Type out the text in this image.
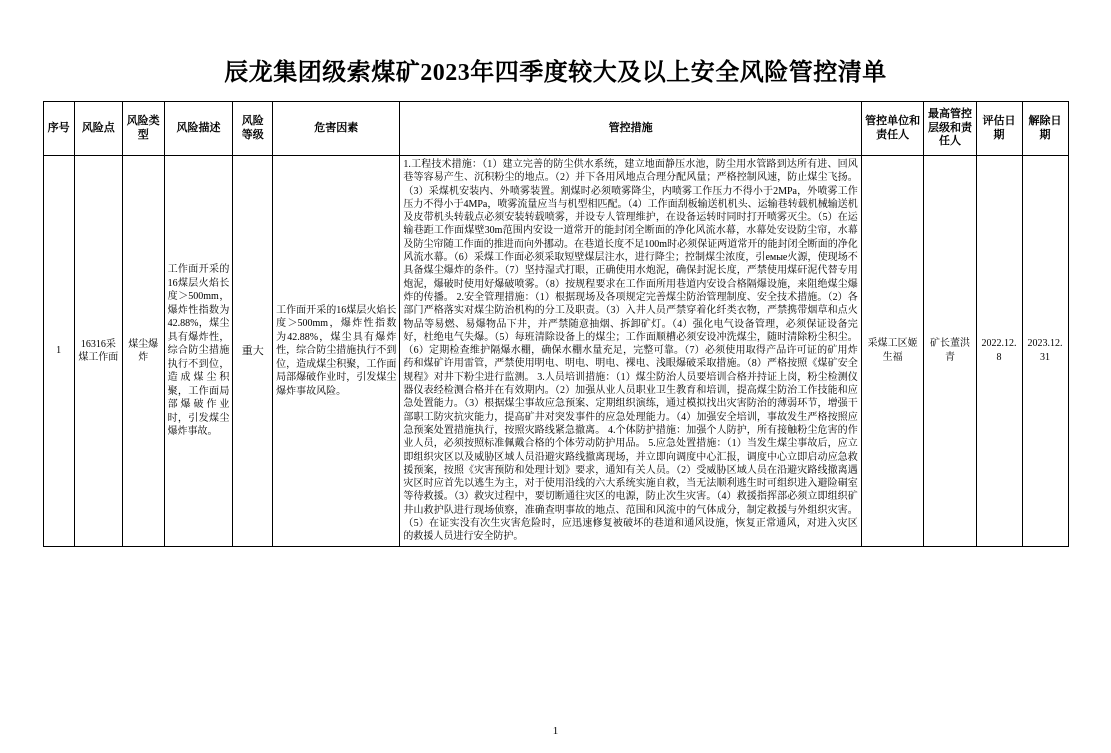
辰龙集团级索煤矿2023年四季度较大及以上安全风险管控清单
序号	风险点	风险类型	风险描述	风险等级	危害因素	管控措施	管控单位和责任人	最高管控层级和责任人	评估日期	解除日期
1	16316采煤工作面	煤尘爆炸	工作面开采的16煤层火焰长度＞500mm，爆炸性指数为42.88%，煤尘具有爆炸性，综合防尘措施执行不到位，造成煤尘积聚，工作面局部爆破作业时，引发煤尘爆炸事故。	重大	工作面开采的16煤层火焰长度＞500mm，爆炸性指数为42.88%，煤尘具有爆炸性，综合防尘措施执行不到位，造成煤尘积聚，工作面局部爆破作业时，引发煤尘爆炸事故风险。	1.工程技术措施：（1）建立完善的防尘供水系统，建立地面静压水池，防尘用水管路到达所有进、回风巷等容易产生、沉积粉尘的地点。（2）并下各用风地点合理分配风量；严格控制风速，防止煤尘飞扬。（3）采煤机安装内、外喷雾装置。割煤时必须喷雾降尘，内喷雾工作压力不得小于2MPa，外喷雾工作压力不得小于4MPa，喷雾流量应当与机型相匹配。（4）工作面刮板输送机机头、运输巷转载机械输送机及皮带机头转载点必须安装转载喷雾，并设专人管理维护，在设备运转时同时打开喷雾灭尘。（5）在运输巷距工作面煤壁30m范围内安设一道常开的能封闭全断面的净化风流水幕，水幕处安设防尘帘，水幕及防尘帘随工作面的推进而向外挪动。在巷道长度不足100m时必须保证两道常开的能封闭全断面的净化风流水幕。（6）采煤工作面必须采取短壁煤层注水，进行降尘；控制煤尘浓度，引емые火源，使现场不具备煤尘爆炸的条件。（7）坚持湿式打眼，正确使用水炮泥，确保封泥长度，严禁使用煤矸泥代替专用炮泥，爆破时使用好爆破喷雾。（8）按规程要求在工作面所用巷道内安设合格隔爆设施，来阻绝煤尘爆炸的传播。 2.安全管理措施：（1）根据现场及各项规定完善煤尘防治管理制度、安全技术措施。（2）各部门严格落实对煤尘防治机构的分工及职责。（3）入井人员严禁穿着化纤类衣物，严禁携带烟草和点火物品等易燃、易爆物品下井，并严禁随意抽烟、拆卸矿灯。（4）强化电气设备管理，必须保证设备完好，杜绝电气失爆。（5）每班清除设备上的煤尘；工作面顺槽必须安设冲洗煤尘，随时清除粉尘积尘。（6）定期检查维护隔爆水棚，确保水棚水量充足，完整可靠。（7）必须使用取得产品许可证的矿用炸药和煤矿许用雷管，严禁使用明电、明电、明电、裸电、浅眼爆破采取措施。（8）严格按照《煤矿安全规程》对井下粉尘进行监测。 3.人员培训措施：（1）煤尘防治人员要培训合格并持证上岗，粉尘检测仪器仪表经检测合格并在有效期内。（2）加强从业人员职业卫生教育和培训，提高煤尘防治工作技能和应急处置能力。（3）根据煤尘事故应急预案、定期组织演练，通过模拟找出灾害防治的薄弱环节，增强干部职工防灾抗灾能力，提高矿井对突发事件的应急处理能力。（4）加强安全培训，事故发生严格按照应急预案处置措施执行，按照灾路线紧急撤离。 4.个体防护措施：加强个人防护，所有接触粉尘危害的作业人员，必须按照标准佩戴合格的个体劳动防护用品。 5.应急处置措施：（1）当发生煤尘事故后，应立即组织灾区以及威胁区域人员沿避灾路线撤离现场，并立即向调度中心汇报，调度中心立即启动应急救援预案，按照《灾害预防和处理计划》要求，通知有关人员。（2）受威胁区域人员在沿避灾路线撤离遇灾区时应首先以逃生为主，对于使用沿线的六大系统实施自救，当无法顺利逃生时可组织进入避险硐室等待救援。（3）救灾过程中，要切断通往灾区的电源，防止次生灾害。（4）救援指挥部必须立即组织矿井山救护队进行现场侦察，准确查明事故的地点、范围和风流中的气体成分，制定救援与外组织灾害。（5）在证实没有次生灾害危险时，应迅速修复被破坏的巷道和通风设施，恢复正常通风，对进入灾区的救援人员进行安全防护。	采煤工区姬生福	矿长董洪青	2022.12.8	2023.12.31
1
